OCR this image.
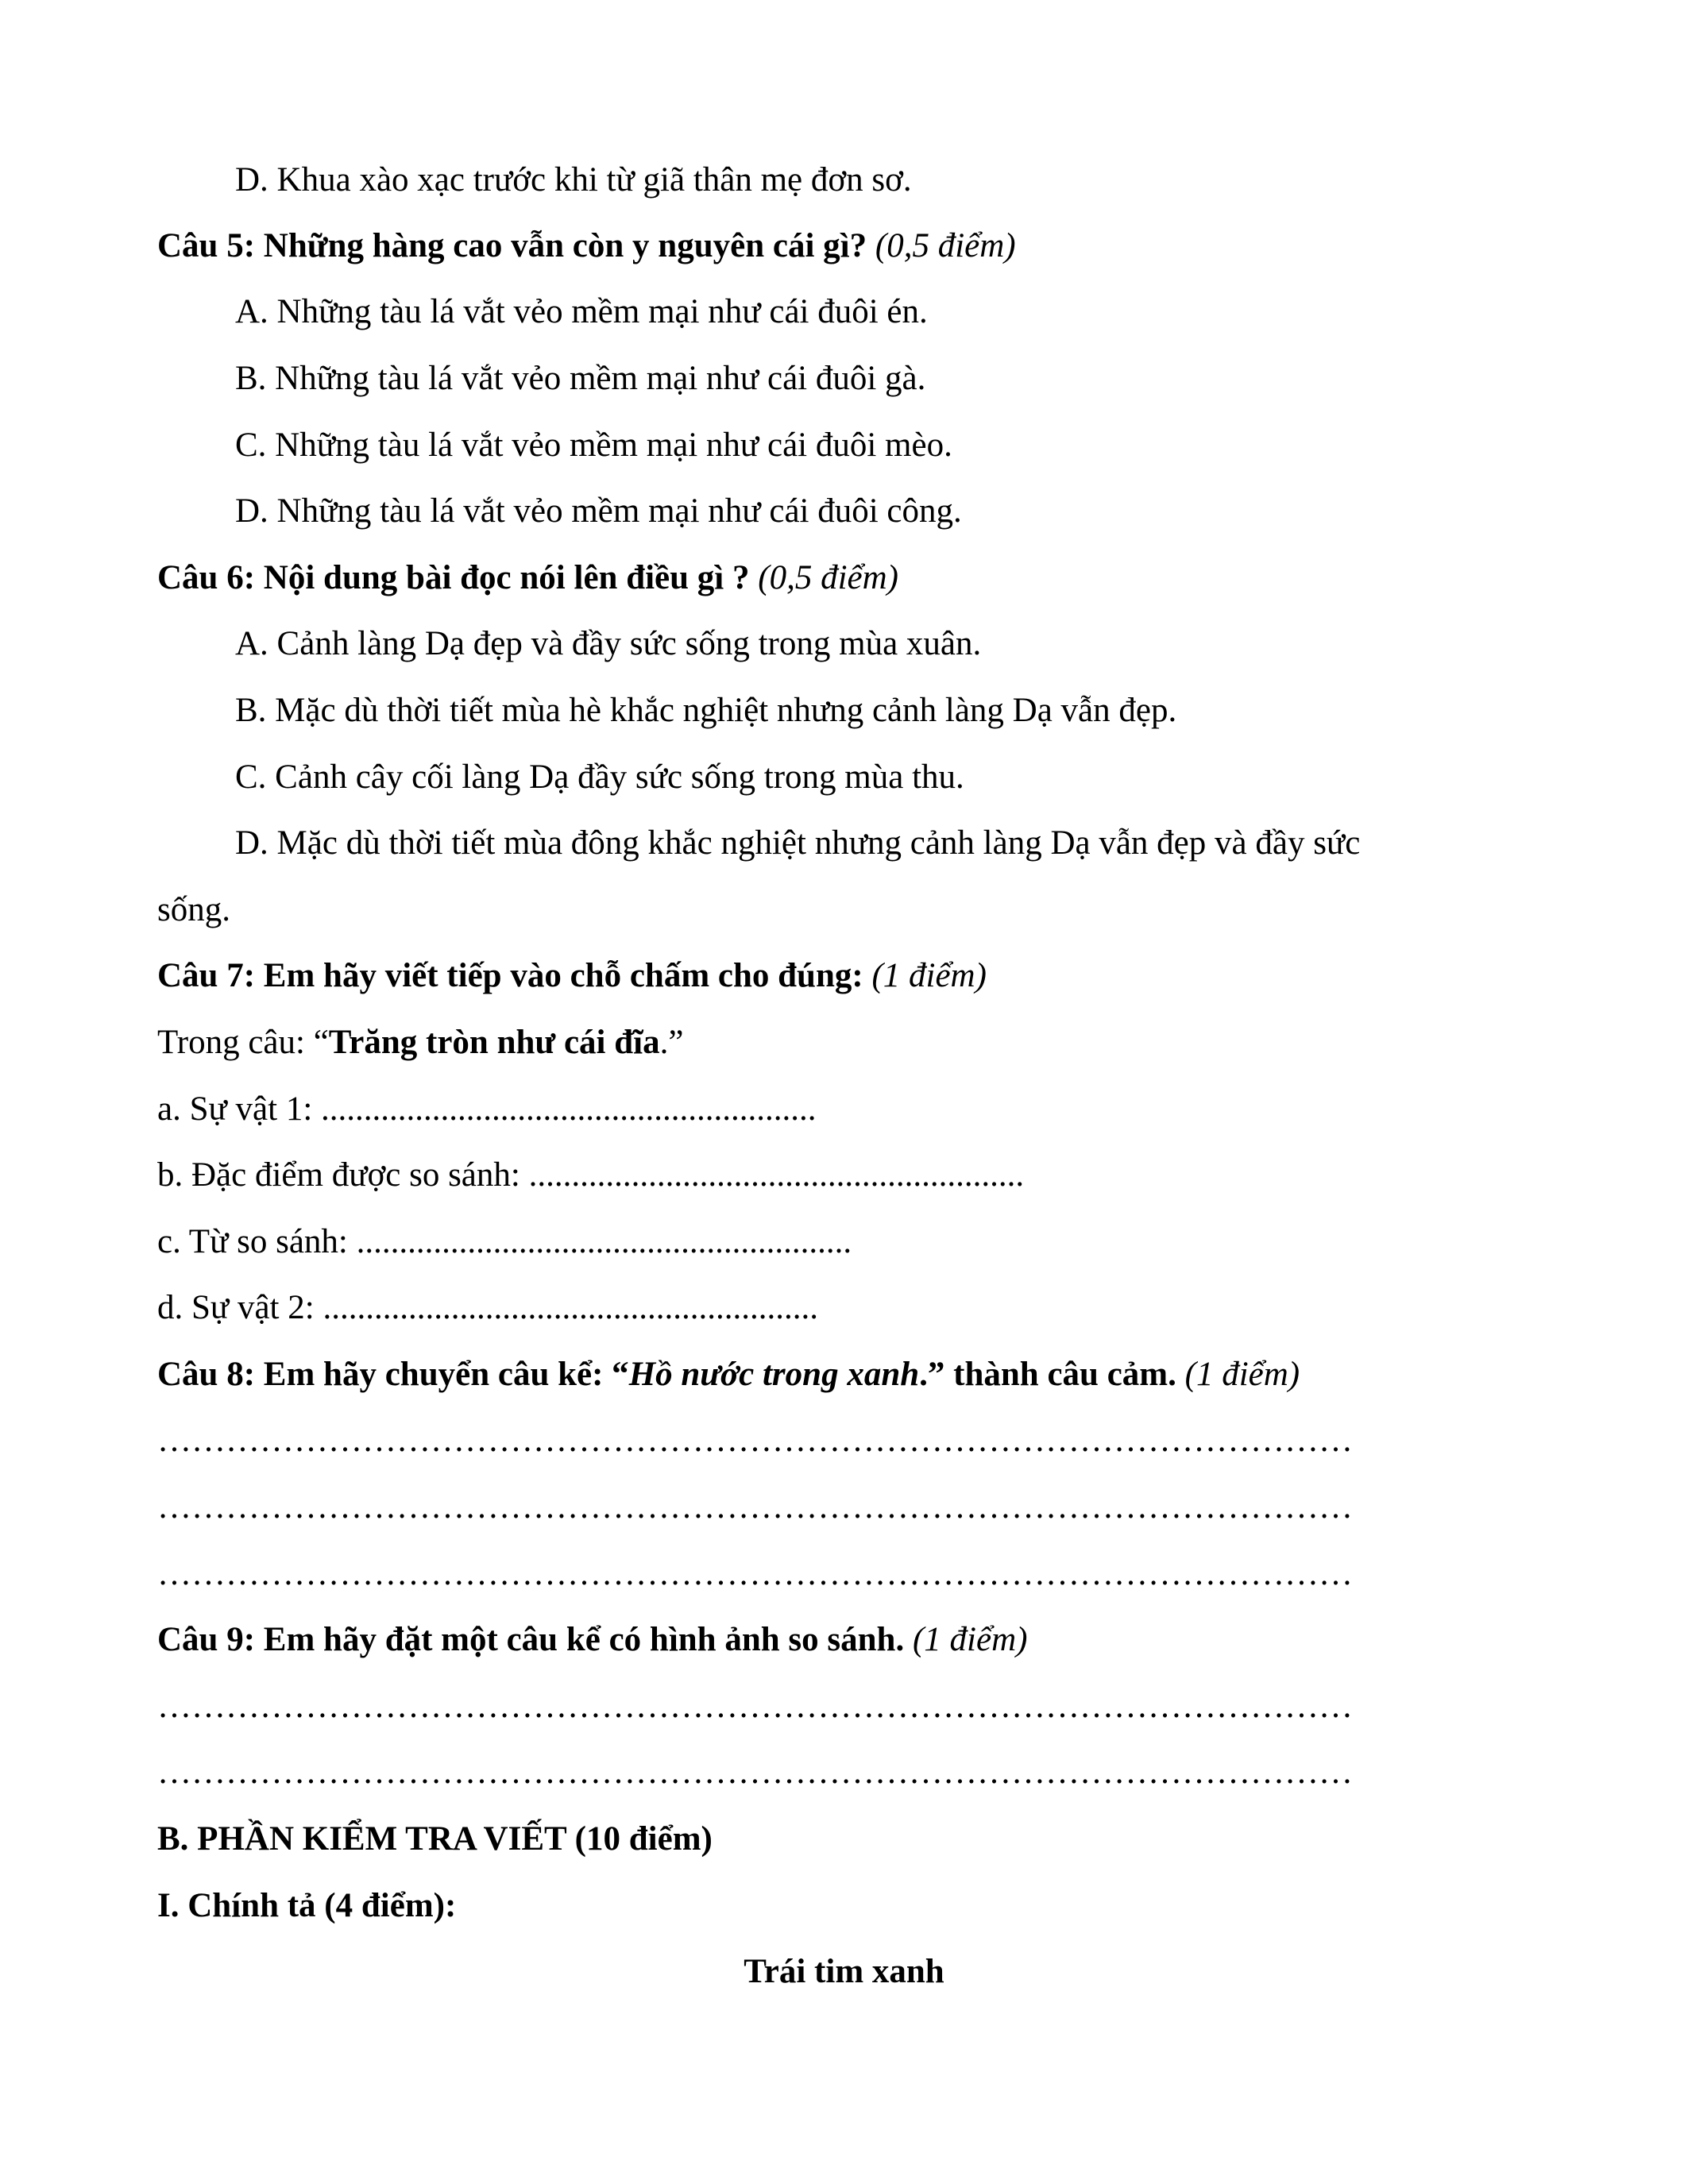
D. Khua xào xạc trước khi từ giã thân mẹ đơn sơ.
Câu 5: Những hàng cao vẫn còn y nguyên cái gì? (0,5 điểm)
A. Những tàu lá vắt vẻo mềm mại như cái đuôi én.
B. Những tàu lá vắt vẻo mềm mại như cái đuôi gà.
C. Những tàu lá vắt vẻo mềm mại như cái đuôi mèo.
D. Những tàu lá vắt vẻo mềm mại như cái đuôi công.
Câu 6: Nội dung bài đọc nói lên điều gì ? (0,5 điểm)
A. Cảnh làng Dạ đẹp và đầy sức sống trong mùa xuân.
B. Mặc dù thời tiết mùa hè khắc nghiệt nhưng cảnh làng Dạ vẫn đẹp.
C. Cảnh cây cối làng Dạ đầy sức sống trong mùa thu.
D. Mặc dù thời tiết mùa đông khắc nghiệt nhưng cảnh làng Dạ vẫn đẹp và đầy sức
sống.
Câu 7: Em hãy viết tiếp vào chỗ chấm cho đúng: (1 điểm)
Trong câu: “Trăng tròn như cái đĩa.”
a. Sự vật 1: ..........................................................
b. Đặc điểm được so sánh: ..........................................................
c. Từ so sánh: ..........................................................
d. Sự vật 2: ..........................................................
Câu 8: Em hãy chuyển câu kể: “Hồ nước trong xanh.” thành câu cảm. (1 điểm)
……………………………………………………………………………………………
……………………………………………………………………………………………
……………………………………………………………………………………………
Câu 9: Em hãy đặt một câu kể có hình ảnh so sánh. (1 điểm)
……………………………………………………………………………………………
……………………………………………………………………………………………
B. PHẦN KIỂM TRA VIẾT (10 điểm)
I. Chính tả (4 điểm):
Trái tim xanh
